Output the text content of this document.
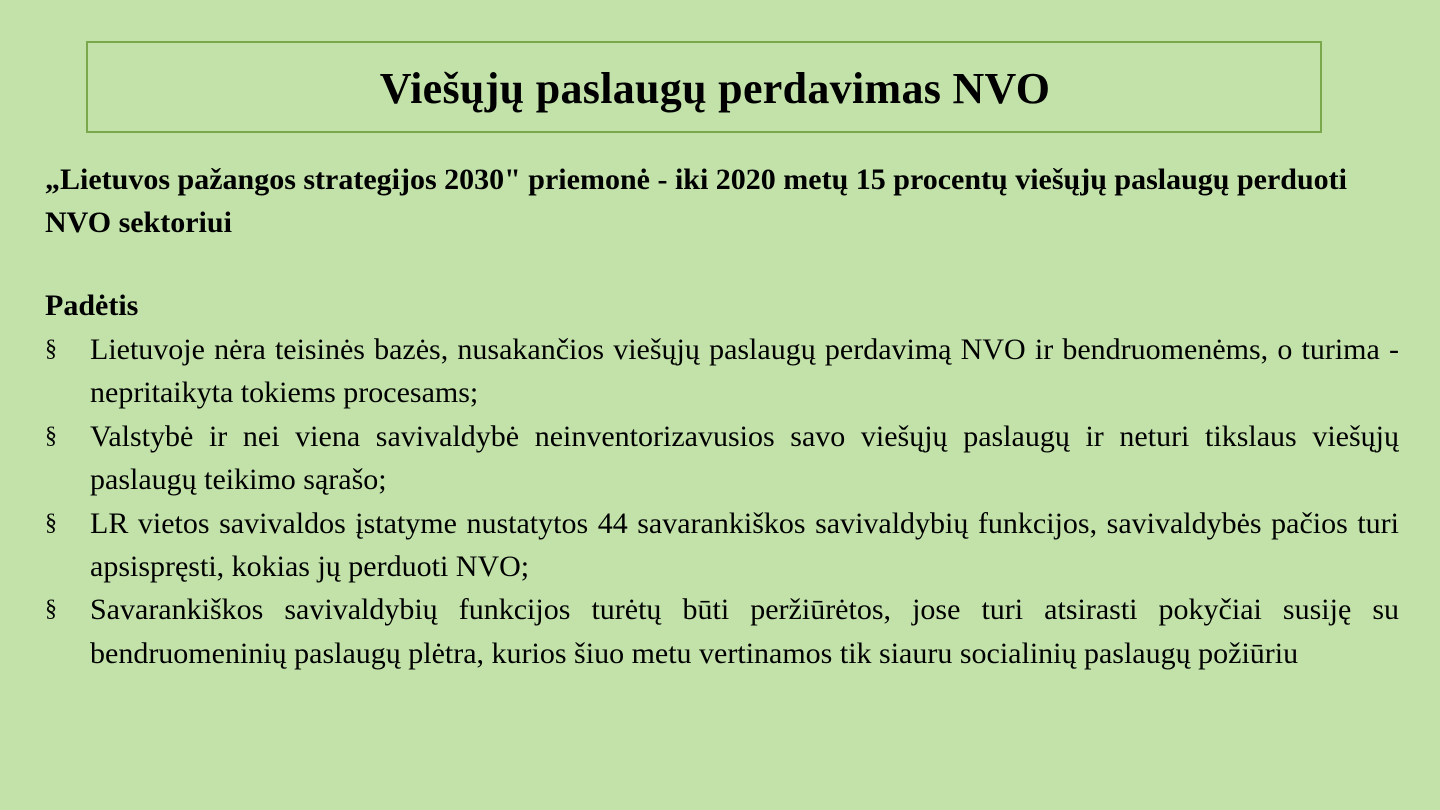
Viešųjų paslaugų perdavimas NVO
„Lietuvos pažangos strategijos 2030" priemonė - iki 2020 metų 15 procentų viešųjų paslaugų perduoti NVO sektoriui
Padėtis
§ Lietuvoje nėra teisinės bazės, nusakančios viešųjų paslaugų perdavimą NVO ir bendruomenėms, o turima - nepritaikyta tokiems procesams;
§ Valstybė ir nei viena savivaldybė neinventorizavusios savo viešųjų paslaugų ir neturi tikslaus viešųjų paslaugų teikimo sąrašo;
§ LR vietos savivaldos įstatyme nustatytos 44 savarankiškos savivaldybių funkcijos, savivaldybės pačios turi apsispręsti, kokias jų perduoti NVO;
§ Savarankiškos savivaldybių funkcijos turėtų būti peržiūrėtos, jose turi atsirasti pokyčiai susiję su bendruomeninių paslaugų plėtra, kurios šiuo metu vertinamos tik siauru socialinių paslaugų požiūriu
